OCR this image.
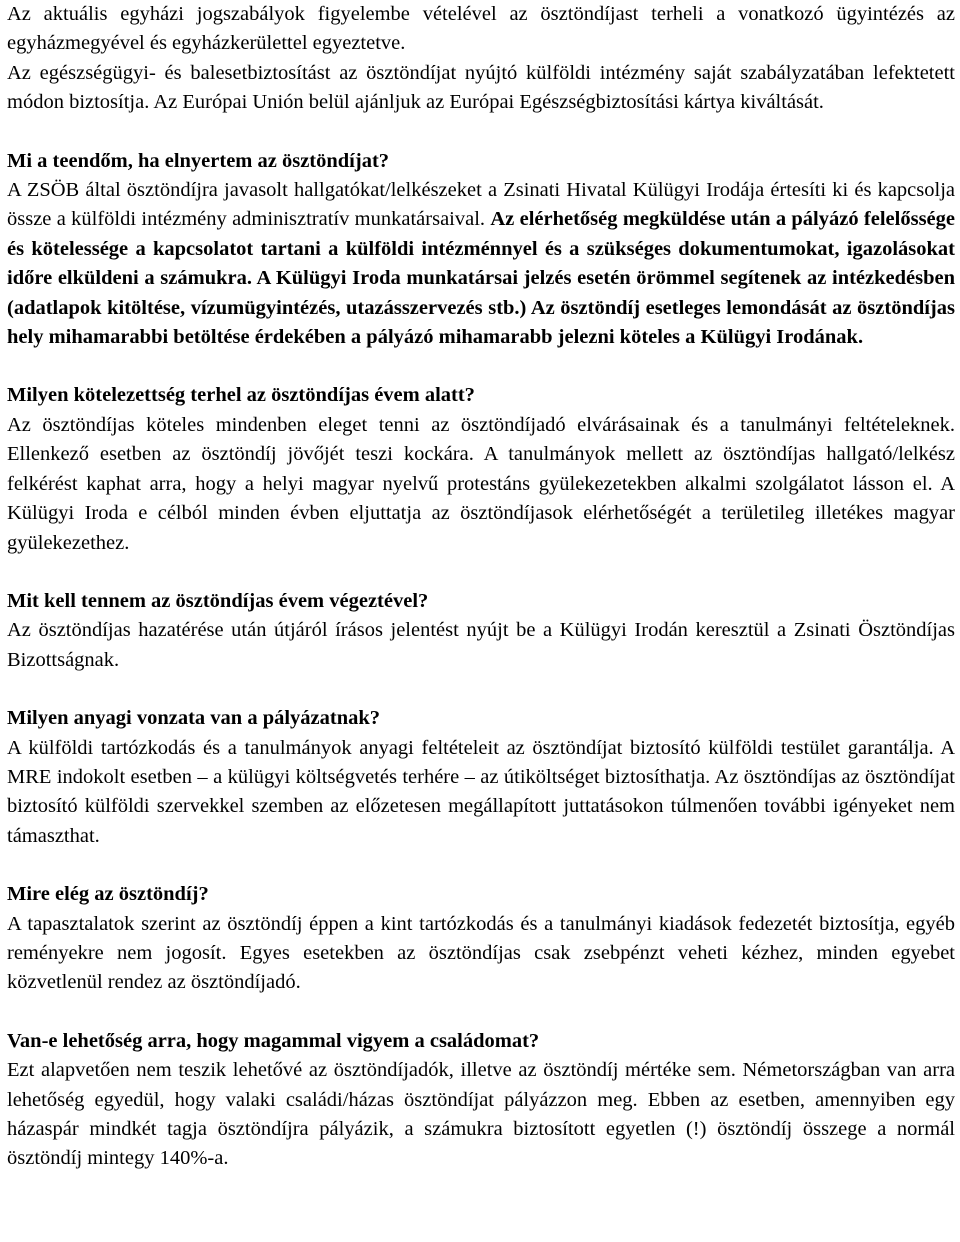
Az aktuális egyházi jogszabályok figyelembe vételével az ösztöndíjast terheli a vonatkozó ügyintézés az egyházmegyével és egyházkerülettel egyeztetve.
Az egészségügyi- és balesetbiztosítást az ösztöndíjat nyújtó külföldi intézmény saját szabályzatában lefektetett módon biztosítja. Az Európai Unión belül ajánljuk az Európai Egészségbiztosítási kártya kiváltását.

Mi a teendőm, ha elnyertem az ösztöndíjat?

A ZSÖB által ösztöndíjra javasolt hallgatókat/lelkészeket a Zsinati Hivatal Külügyi Irodája értesíti ki és kapcsolja össze a külföldi intézmény adminisztratív munkatársaival. Az elérhetőség megküldése után a pályázó felelőssége és kötelessége a kapcsolatot tartani a külföldi intézménnyel és a szükséges dokumentumokat, igazolásokat időre elküldeni a számukra. A Külügyi Iroda munkatársai jelzés esetén örömmel segítenek az intézkedésben (adatlapok kitöltése, vízumügyintézés, utazásszervezés stb.) Az ösztöndíj esetleges lemondását az ösztöndíjas hely mihamarabbi betöltése érdekében a pályázó mihamarabb jelezni köteles a Külügyi Irodának.

Milyen kötelezettség terhel az ösztöndíjas évem alatt?

Az ösztöndíjas köteles mindenben eleget tenni az ösztöndíjadó elvárásainak és a tanulmányi feltételeknek. Ellenkező esetben az ösztöndíj jövőjét teszi kockára. A tanulmányok mellett az ösztöndíjas hallgató/lelkész felkérést kaphat arra, hogy a helyi magyar nyelvű protestáns gyülekezetekben alkalmi szolgálatot lásson el. A Külügyi Iroda e célból minden évben eljuttatja az ösztöndíjasok elérhetőségét a területileg illetékes magyar gyülekezethez.

Mit kell tennem az ösztöndíjas évem végeztével?

Az ösztöndíjas hazatérése után útjáról írásos jelentést nyújt be a Külügyi Irodán keresztül a Zsinati Ösztöndíjas Bizottságnak.

Milyen anyagi vonzata van a pályázatnak?

A külföldi tartózkodás és a tanulmányok anyagi feltételeit az ösztöndíjat biztosító külföldi testület garantálja. A MRE indokolt esetben – a külügyi költségvetés terhére – az útiköltséget biztosíthatja. Az ösztöndíjas az ösztöndíjat biztosító külföldi szervekkel szemben az előzetesen megállapított juttatásokon túlmenően további igényeket nem támaszthat.

Mire elég az ösztöndíj?

A tapasztalatok szerint az ösztöndíj éppen a kint tartózkodás és a tanulmányi kiadások fedezetét biztosítja, egyéb reményekre nem jogosít. Egyes esetekben az ösztöndíjas csak zsebpénzt veheti kézhez, minden egyebet közvetlenül rendez az ösztöndíjadó.

Van-e lehetőség arra, hogy magammal vigyem a családomat?

Ezt alapvetően nem teszik lehetővé az ösztöndíjadók, illetve az ösztöndíj mértéke sem. Németországban van arra lehetőség egyedül, hogy valaki családi/házas ösztöndíjat pályázzon meg. Ebben az esetben, amennyiben egy házaspár mindkét tagja ösztöndíjra pályázik, a számukra biztosított egyetlen (!) ösztöndíj összege a normál ösztöndíj mintegy 140%-a.
